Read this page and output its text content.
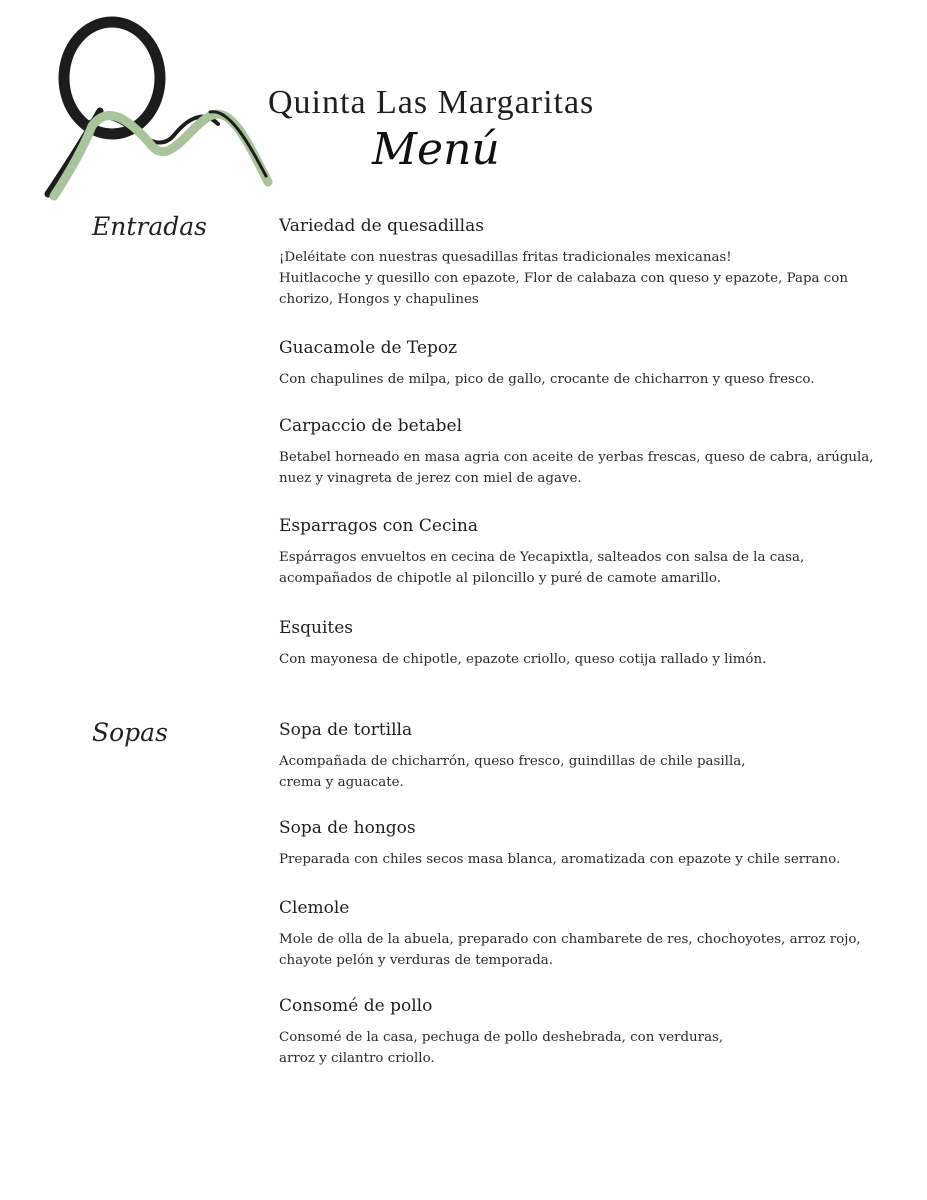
Quinta Las Margaritas
Menú
Entradas	Variedad de quesadillas

¡Deléitate con nuestras quesadillas fritas tradicionales mexicanas!
Huitlacoche y quesillo con epazote, Flor de calabaza con queso y epazote, Papa con
chorizo, Hongos y chapulines

Guacamole de Tepoz

Con chapulines de milpa, pico de gallo, crocante de chicharron y queso fresco.

Carpaccio de betabel

Betabel horneado en masa agria con aceite de yerbas frescas, queso de cabra, arúgula,
nuez y vinagreta de jerez con miel de agave.

Esparragos con Cecina

Espárragos envueltos en cecina de Yecapixtla, salteados con salsa de la casa,
acompañados de chipotle al piloncillo y puré de camote amarillo.

Esquites

Con mayonesa de chipotle, epazote criollo, queso cotija rallado y limón.

Sopas	Sopa de tortilla

Acompañada de chicharrón, queso fresco, guindillas de chile pasilla,
crema y aguacate.

Sopa de hongos

Preparada con chiles secos masa blanca, aromatizada con epazote y chile serrano.

Clemole

Mole de olla de la abuela, preparado con chambarete de res, chochoyotes, arroz rojo,
chayote pelón y verduras de temporada.

Consomé de pollo

Consomé de la casa, pechuga de pollo deshebrada, con verduras,
arroz y cilantro criollo.
